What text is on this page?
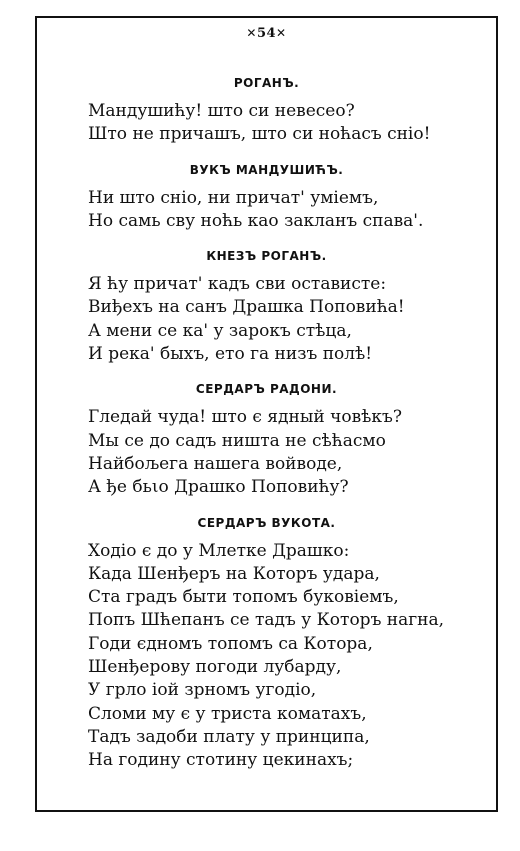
✕54✕

РОГАНЪ.

Мандушићу! што си невесео?
Што не причашъ, што си ноћасъ сніо!

ВУКЪ МАНДУШИЋЪ.

Ни што сніо, ни причат' уміемъ,
Но самь сву ноћь као закланъ спава'.

КНЕЗЪ РОГАНЪ.

Я ћу причат' кадъ сви остависте:
Виђехъ на санъ Драшка Поповића!
А мени се ка' у зарокъ стѣца,
И река' быхъ, ето га низъ полѣ!

СЕРДАРЪ РАДОНИ.

Гледай чуда! што є ядный човѣкъ?
Мы се до садъ ништа не сѣћасмо
Найбољега нашега войводе,
А ђе бьιо Драшко Поповићу?

СЕРДАРЪ ВУКОТА.

Ходіо є до у Млетке Драшко:
Када Шенђеръ на Которъ удара,
Ста градъ быти топомъ буковіемъ,
Попъ Шћепанъ се тадъ у Которъ нагна,
Годи єдномъ топомъ са Котора,
Шенђерову погоди лубарду,
У грло іой зрномъ угодіо,
Сломи му є у триста коматахъ,
Тадъ задоби плату у принципа,
На годину стотину цекинахъ;
